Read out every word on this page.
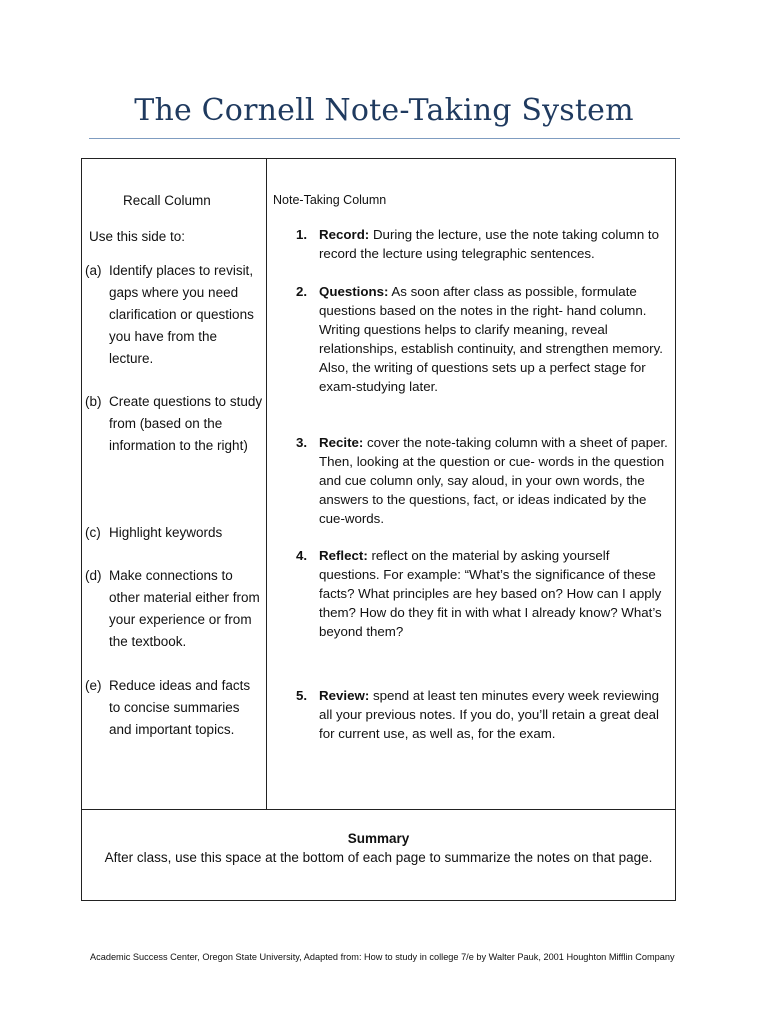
The Cornell Note-Taking System
Recall Column
Use this side to:
(a) Identify places to revisit, gaps where you need clarification or questions you have from the lecture.
(b) Create questions to study from (based on the information to the right)
(c) Highlight keywords
(d) Make connections to other material either from your experience or from the textbook.
(e) Reduce ideas and facts to concise summaries and important topics.
Note-Taking Column
1. Record: During the lecture, use the note taking column to record the lecture using telegraphic sentences.
2. Questions: As soon after class as possible, formulate questions based on the notes in the right- hand column. Writing questions helps to clarify meaning, reveal relationships, establish continuity, and strengthen memory. Also, the writing of questions sets up a perfect stage for exam-studying later.
3. Recite: cover the note-taking column with a sheet of paper. Then, looking at the question or cue- words in the question and cue column only, say aloud, in your own words, the answers to the questions, fact, or ideas indicated by the cue-words.
4. Reflect: reflect on the material by asking yourself questions. For example: “What’s the significance of these facts? What principles are hey based on? How can I apply them? How do they fit in with what I already know? What’s beyond them?
5. Review: spend at least ten minutes every week reviewing all your previous notes. If you do, you’ll retain a great deal for current use, as well as, for the exam.
Summary
After class, use this space at the bottom of each page to summarize the notes on that page.
Academic Success Center, Oregon State University, Adapted from: How to study in college 7/e by Walter Pauk, 2001 Houghton Mifflin Company
